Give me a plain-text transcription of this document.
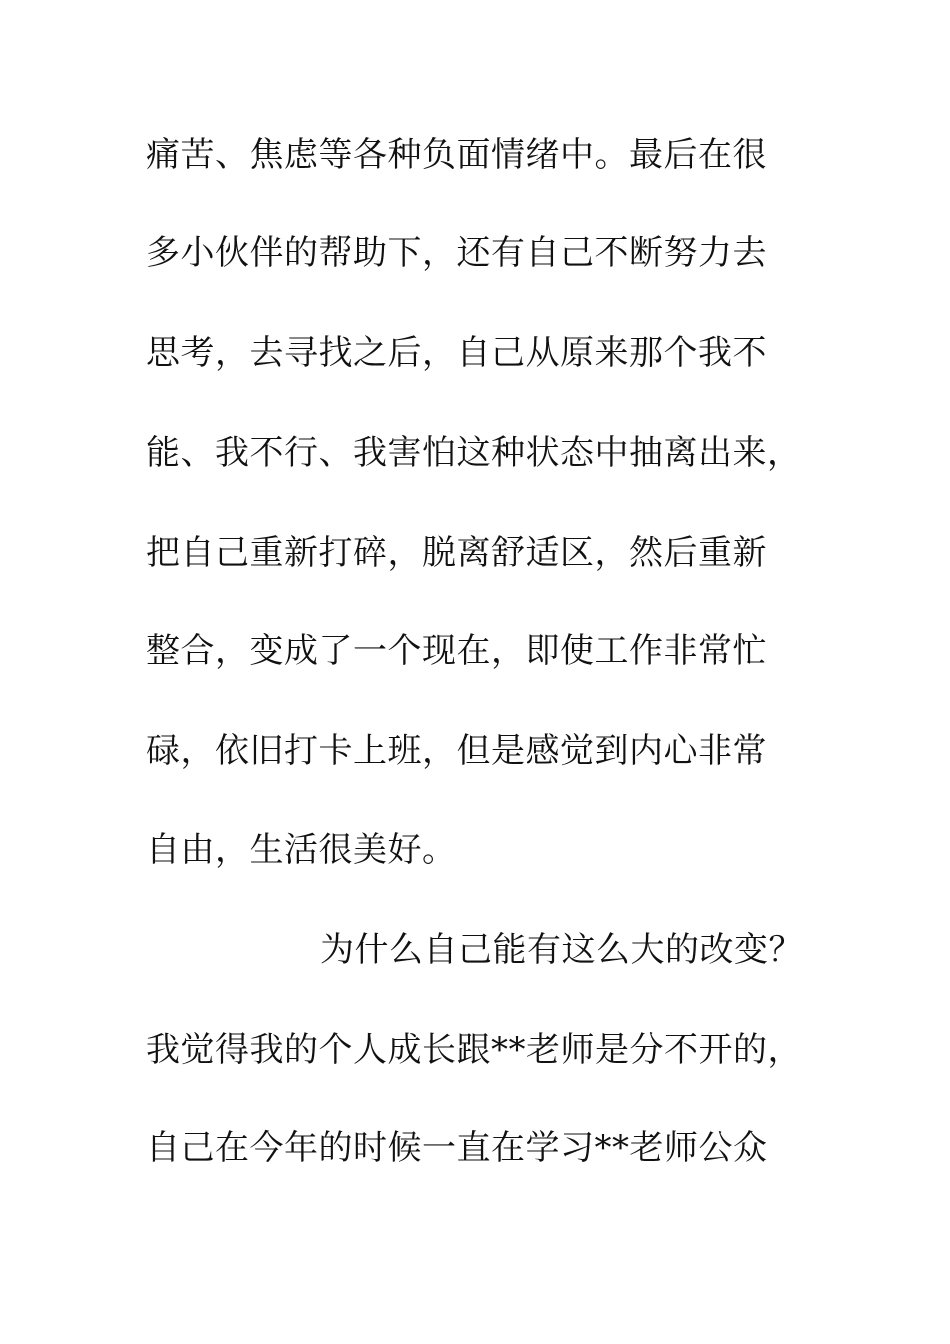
痛苦、焦虑等各种负面情绪中。最后在很
多小伙伴的帮助下，还有自己不断努力去
思考，去寻找之后，自己从原来那个我不
能、我不行、我害怕这种状态中抽离出来，
把自己重新打碎，脱离舒适区，然后重新
整合，变成了一个现在，即使工作非常忙
碌，依旧打卡上班，但是感觉到内心非常
自由，生活很美好。
为什么自己能有这么大的改变？
我觉得我的个人成长跟**老师是分不开的，
自己在今年的时候一直在学习**老师公众
